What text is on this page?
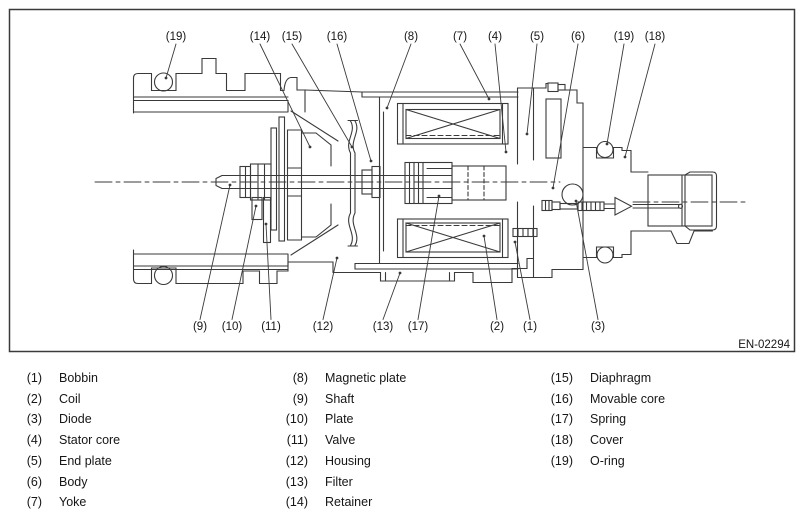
(19)	(14) (15) (16)	(8)	(7) (4) (5) (6) (19) (18)
(9) (10) (11)	(12)	(13) (17)	(2) (1)	(3)
EN-02294
(1) Bobbin
(2) Coil
(3) Diode
(4) Stator core
(5) End plate
(6) Body
(7) Yoke
(8) Magnetic plate
(9) Shaft
(10) Plate
(11) Valve
(12) Housing
(13) Filter
(14) Retainer
(15) Diaphragm
(16) Movable core
(17) Spring
(18) Cover
(19) O-ring
